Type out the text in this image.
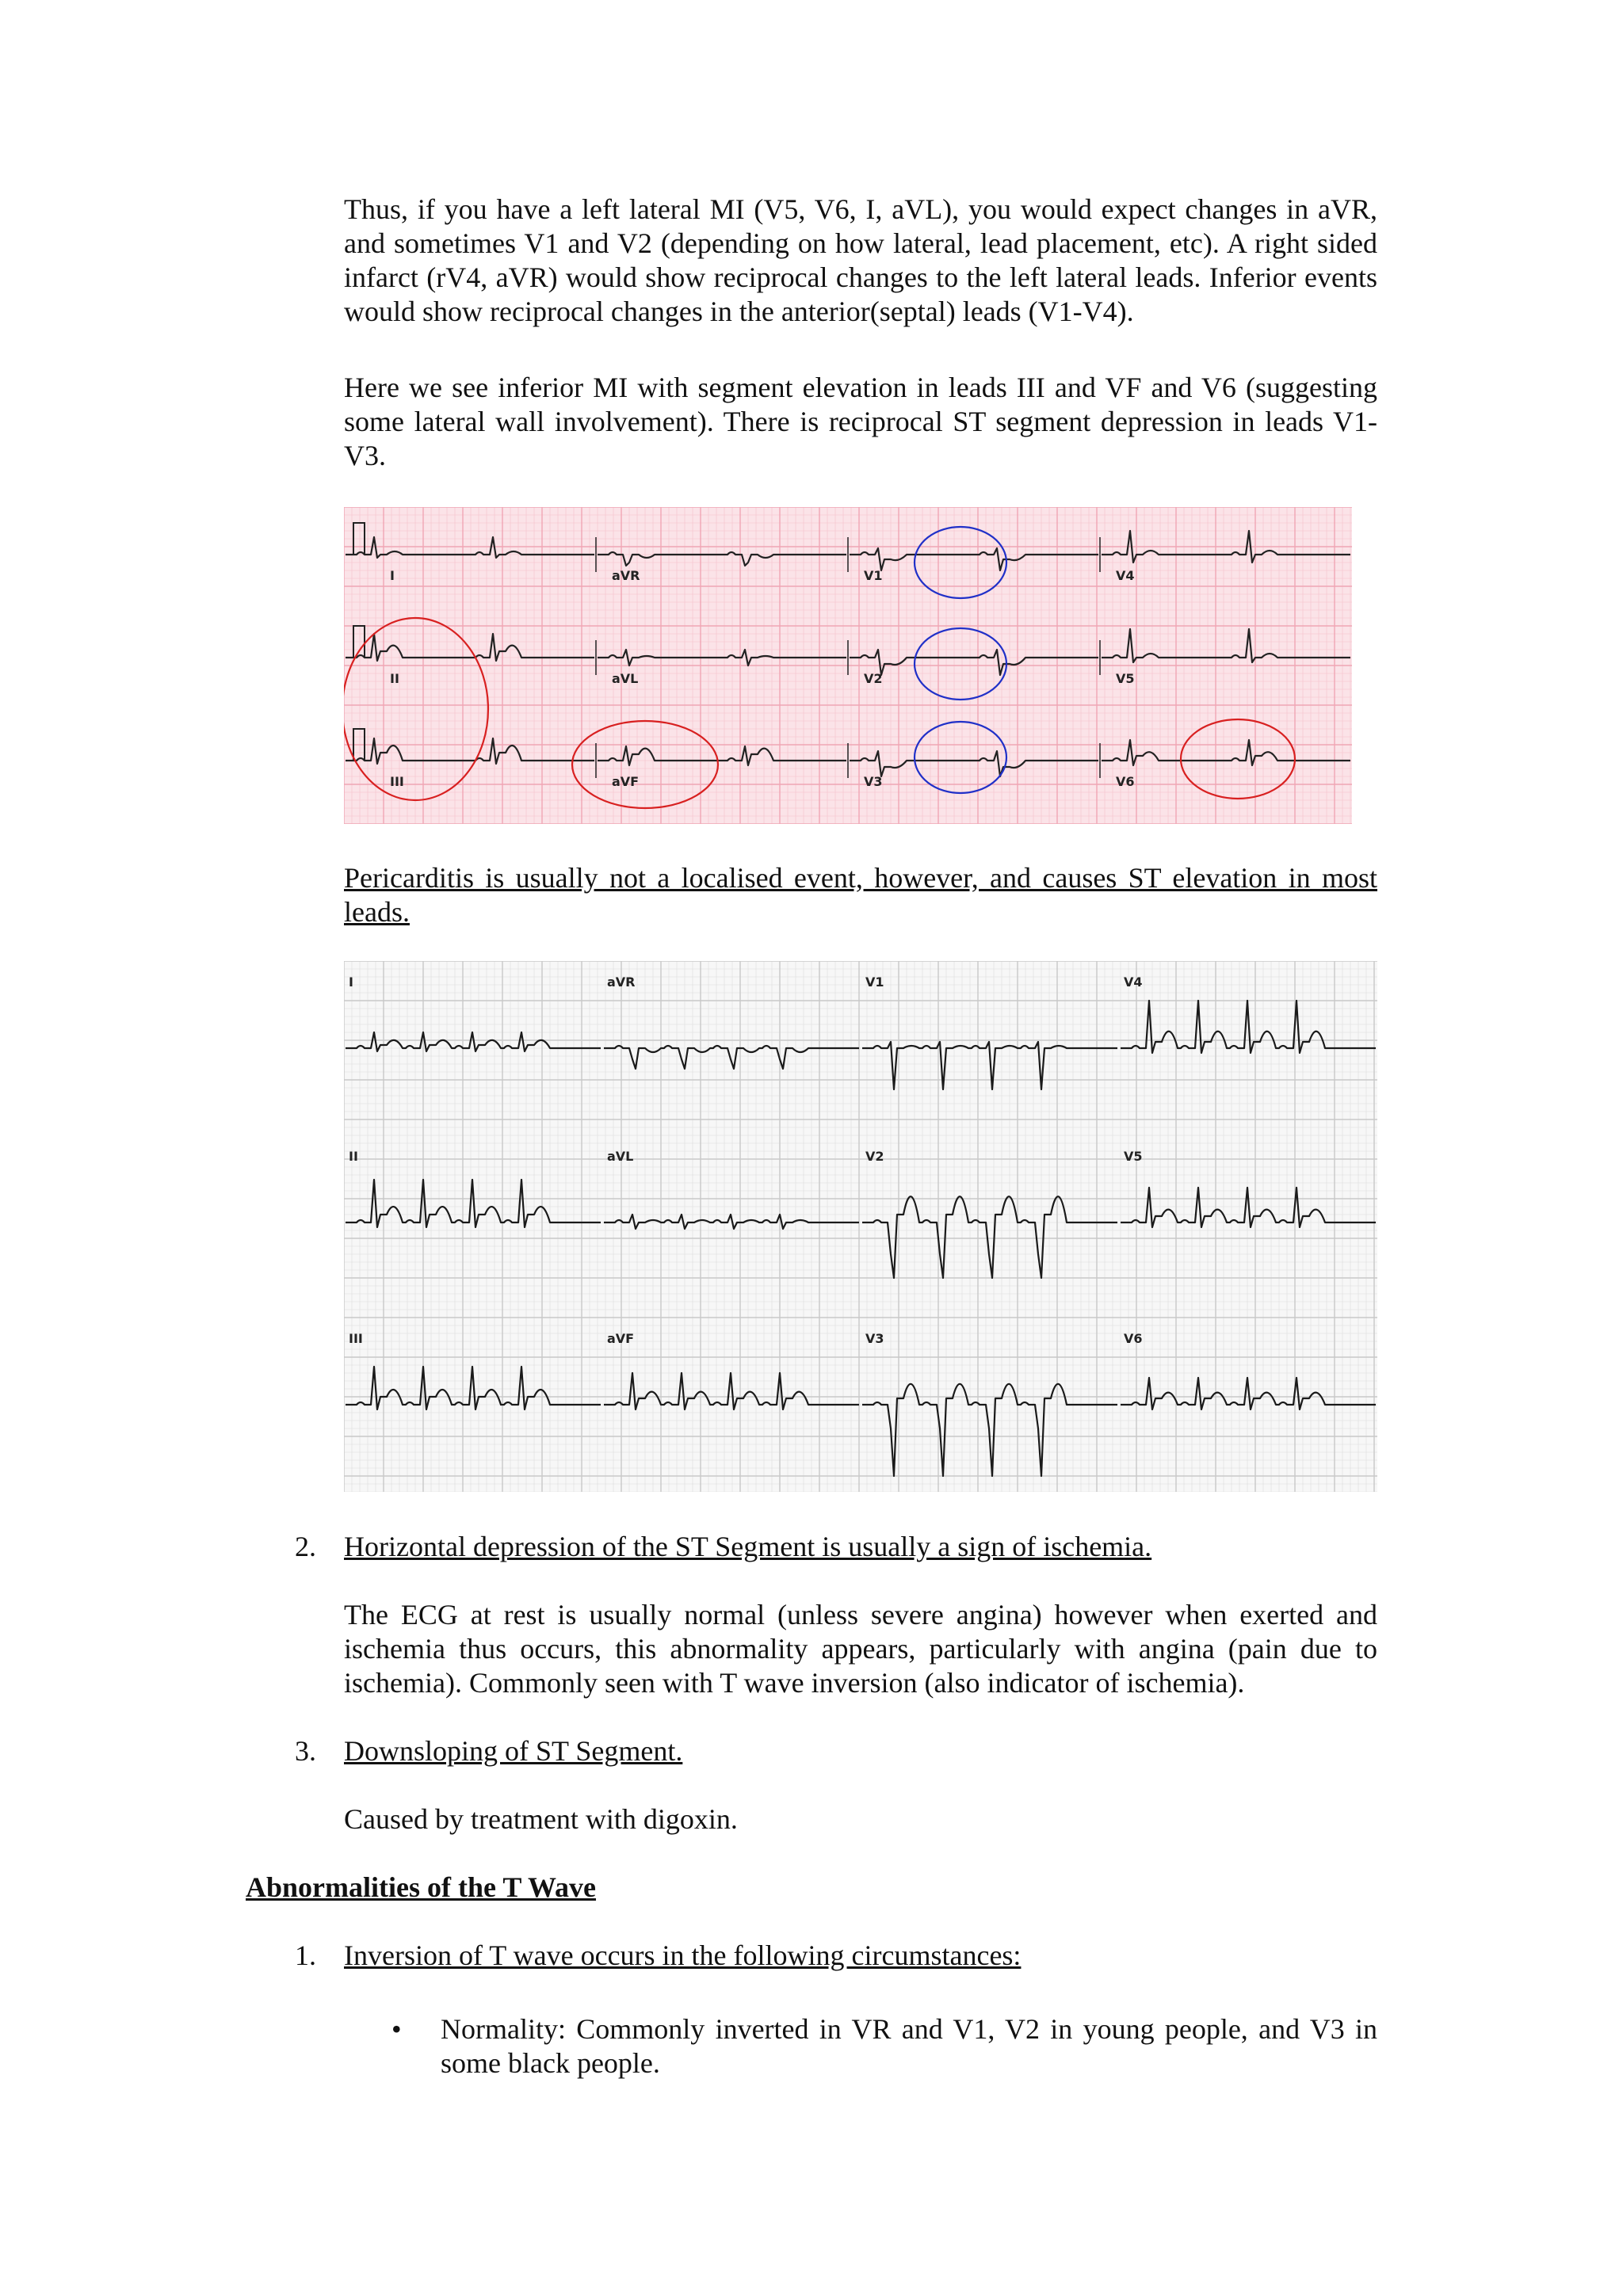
Thus, if you have a left lateral MI (V5, V6, I, aVL), you would expect changes in aVR, and sometimes V1 and V2 (depending on how lateral, lead placement, etc). A right sided infarct (rV4, aVR) would show reciprocal changes to the left lateral leads. Inferior events would show reciprocal changes in the anterior(septal) leads (V1-V4).

Here we see inferior MI with segment elevation in leads III and VF and V6 (suggesting some lateral wall involvement). There is reciprocal ST segment depression in leads V1-V3.

I	aVR	V1	V4
II	aVL	V2	V5
III	aVF	V3	V6

Pericarditis is usually not a localised event, however, and causes ST elevation in most leads.

I	aVR	V1	V4
II	aVL	V2	V5
III	aVF	V3	V6
2. Horizontal depression of the ST Segment is usually a sign of ischemia.

The ECG at rest is usually normal (unless severe angina) however when exerted and ischemia thus occurs, this abnormality appears, particularly with angina (pain due to ischemia). Commonly seen with T wave inversion (also indicator of ischemia).

3. Downsloping of ST Segment.

Caused by treatment with digoxin.

Abnormalities of the T Wave
1. Inversion of T wave occurs in the following circumstances:
• Normality: Commonly inverted in VR and V1, V2 in young people, and V3 in some black people.
